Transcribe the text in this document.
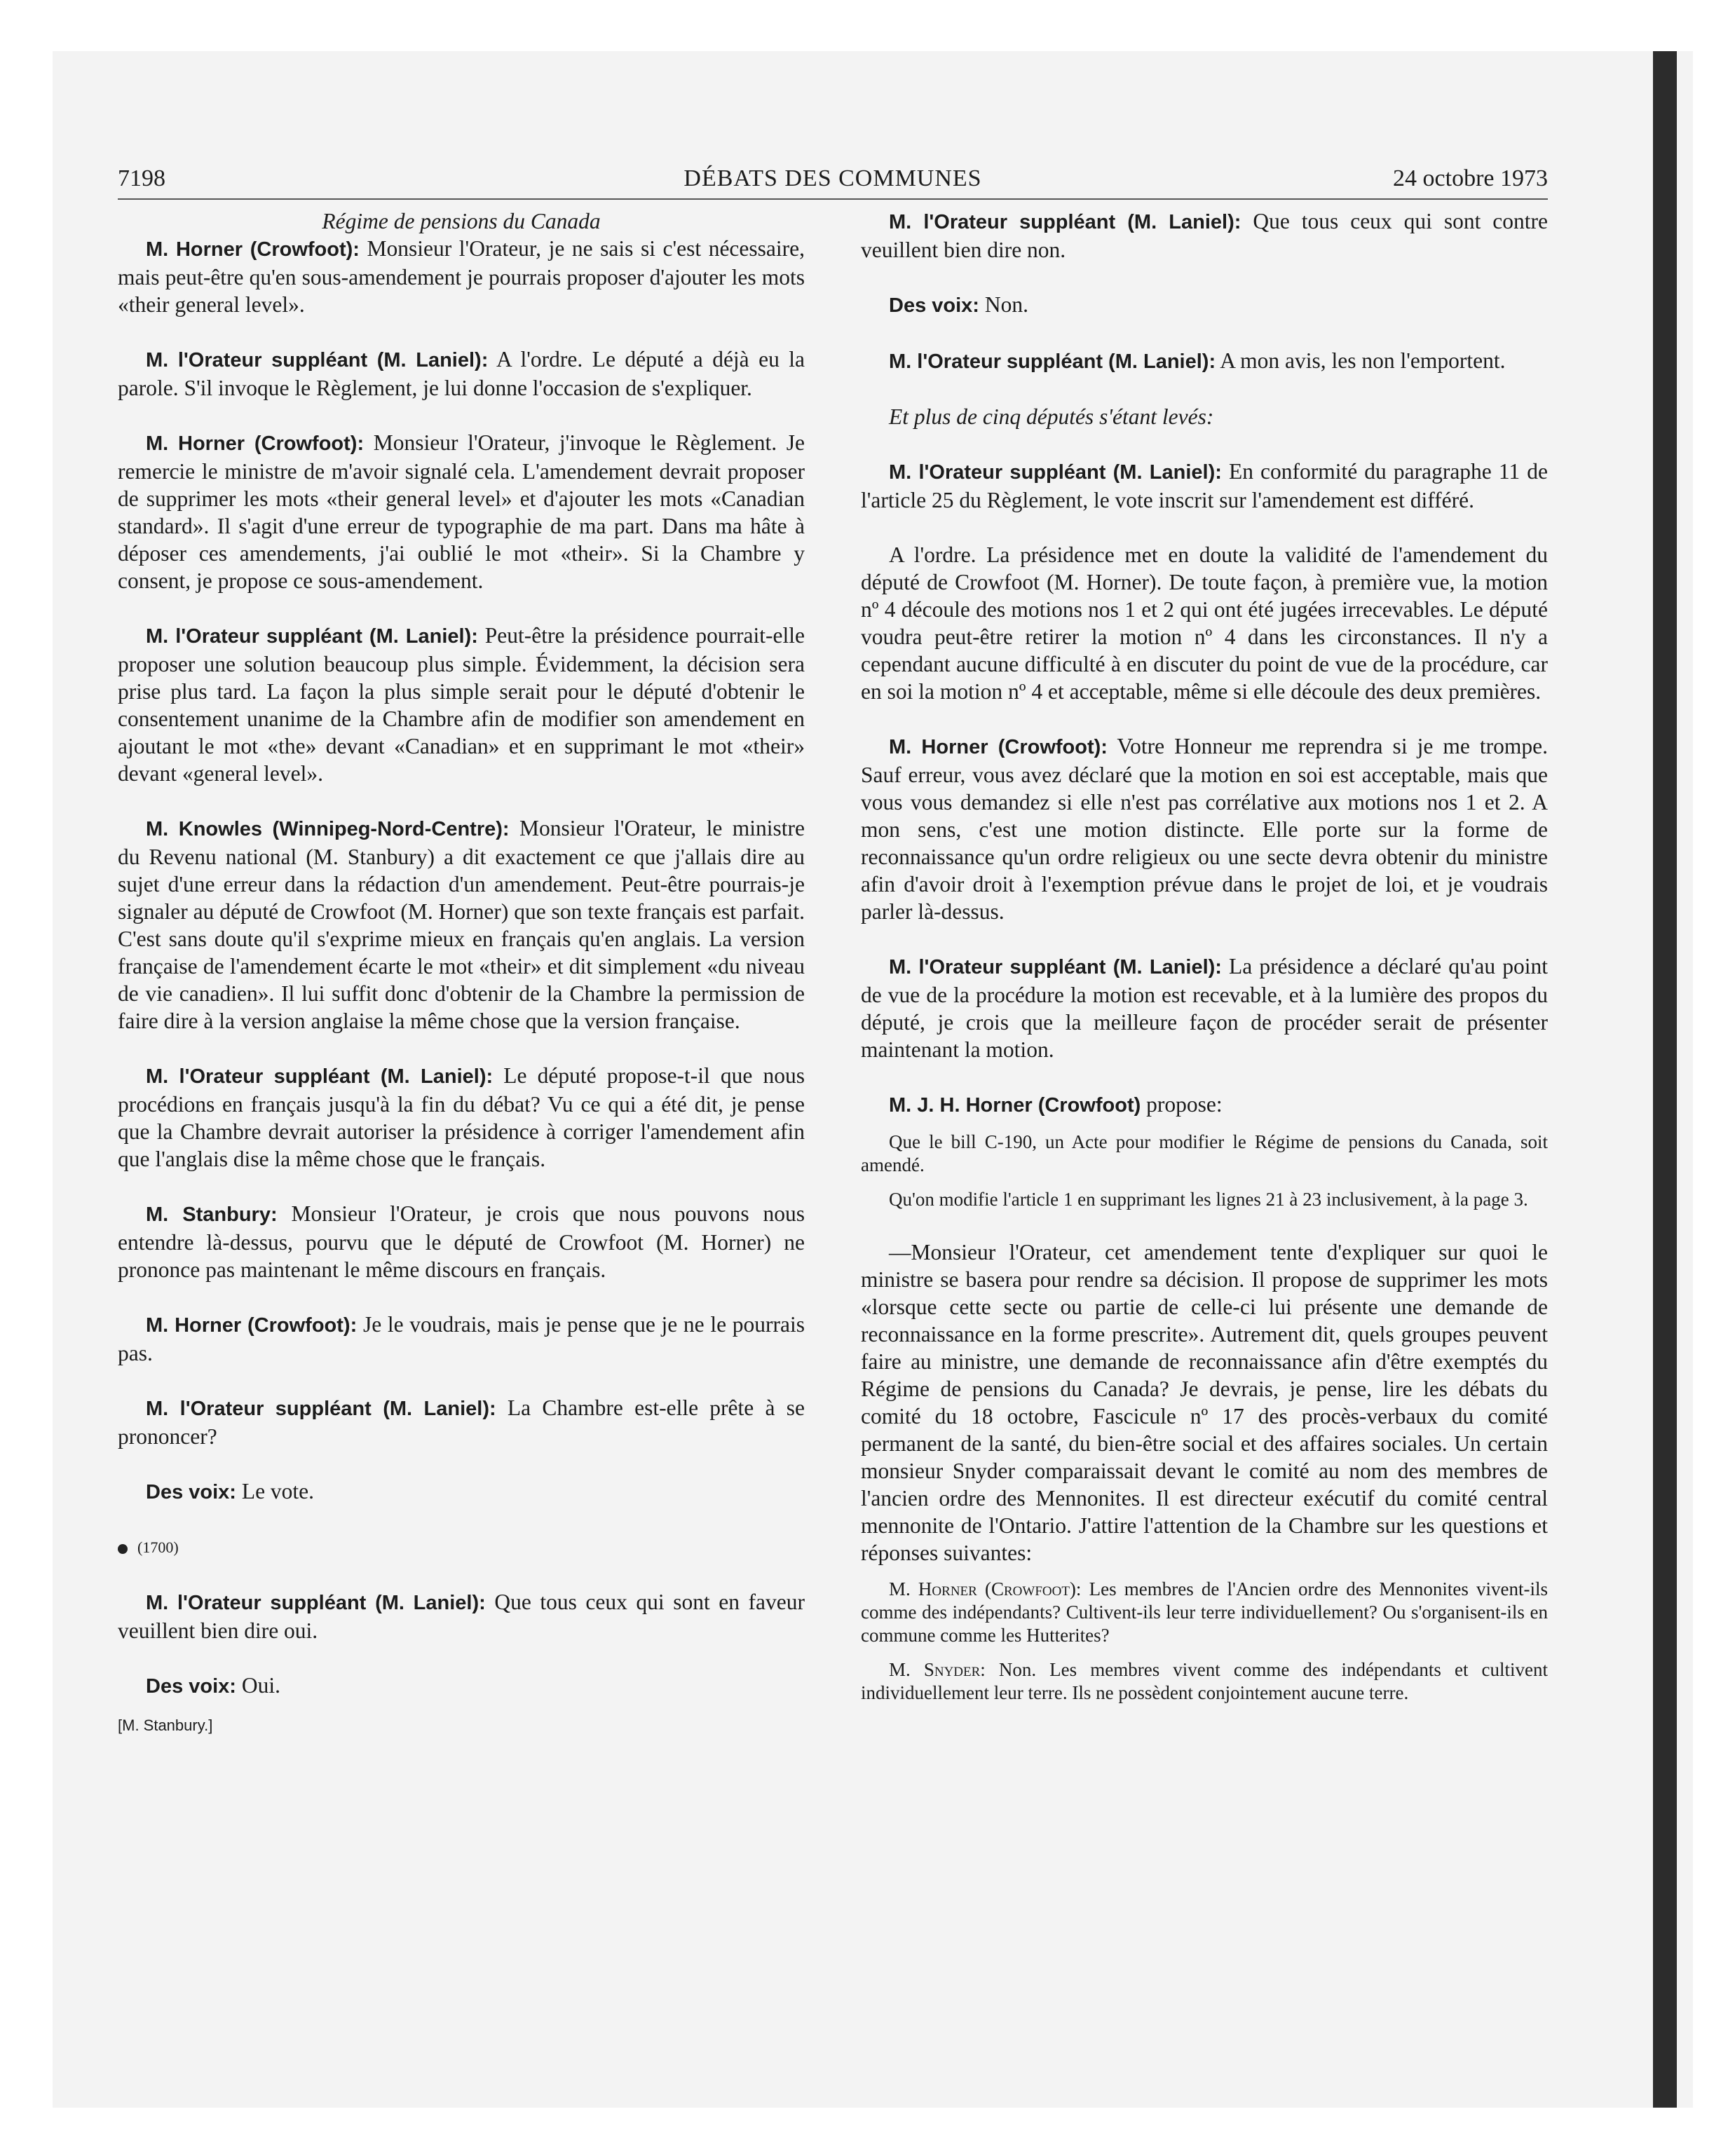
7198	DÉBATS DES COMMUNES	24 octobre 1973

Régime de pensions du Canada

M. Horner (Crowfoot): Monsieur l'Orateur, je ne sais si c'est nécessaire, mais peut-être qu'en sous-amendement je pourrais proposer d'ajouter les mots «their general level».

M. l'Orateur suppléant (M. Laniel): A l'ordre. Le député a déjà eu la parole. S'il invoque le Règlement, je lui donne l'occasion de s'expliquer.

M. Horner (Crowfoot): Monsieur l'Orateur, j'invoque le Règlement. Je remercie le ministre de m'avoir signalé cela. L'amendement devrait proposer de supprimer les mots «their general level» et d'ajouter les mots «Canadian standard». Il s'agit d'une erreur de typographie de ma part. Dans ma hâte à déposer ces amendements, j'ai oublié le mot «their». Si la Chambre y consent, je propose ce sous-amendement.

M. l'Orateur suppléant (M. Laniel): Peut-être la présidence pourrait-elle proposer une solution beaucoup plus simple. Évidemment, la décision sera prise plus tard. La façon la plus simple serait pour le député d'obtenir le consentement unanime de la Chambre afin de modifier son amendement en ajoutant le mot «the» devant «Canadian» et en supprimant le mot «their» devant «general level».

M. Knowles (Winnipeg-Nord-Centre): Monsieur l'Orateur, le ministre du Revenu national (M. Stanbury) a dit exactement ce que j'allais dire au sujet d'une erreur dans la rédaction d'un amendement. Peut-être pourrais-je signaler au député de Crowfoot (M. Horner) que son texte français est parfait. C'est sans doute qu'il s'exprime mieux en français qu'en anglais. La version française de l'amendement écarte le mot «their» et dit simplement «du niveau de vie canadien». Il lui suffit donc d'obtenir de la Chambre la permission de faire dire à la version anglaise la même chose que la version française.

M. l'Orateur suppléant (M. Laniel): Le député propose-t-il que nous procédions en français jusqu'à la fin du débat? Vu ce qui a été dit, je pense que la Chambre devrait autoriser la présidence à corriger l'amendement afin que l'anglais dise la même chose que le français.

M. Stanbury: Monsieur l'Orateur, je crois que nous pouvons nous entendre là-dessus, pourvu que le député de Crowfoot (M. Horner) ne prononce pas maintenant le même discours en français.

M. Horner (Crowfoot): Je le voudrais, mais je pense que je ne le pourrais pas.

M. l'Orateur suppléant (M. Laniel): La Chambre est-elle prête à se prononcer?

Des voix: Le vote.

(1700)

M. l'Orateur suppléant (M. Laniel): Que tous ceux qui sont en faveur veuillent bien dire oui.

Des voix: Oui.

[M. Stanbury.]

M. l'Orateur suppléant (M. Laniel): Que tous ceux qui sont contre veuillent bien dire non.

Des voix: Non.

M. l'Orateur suppléant (M. Laniel): A mon avis, les non l'emportent.

Et plus de cinq députés s'étant levés:

M. l'Orateur suppléant (M. Laniel): En conformité du paragraphe 11 de l'article 25 du Règlement, le vote inscrit sur l'amendement est différé.

A l'ordre. La présidence met en doute la validité de l'amendement du député de Crowfoot (M. Horner). De toute façon, à première vue, la motion nº 4 découle des motions nos 1 et 2 qui ont été jugées irrecevables. Le député voudra peut-être retirer la motion nº 4 dans les circonstances. Il n'y a cependant aucune difficulté à en discuter du point de vue de la procédure, car en soi la motion nº 4 et acceptable, même si elle découle des deux premières.

M. Horner (Crowfoot): Votre Honneur me reprendra si je me trompe. Sauf erreur, vous avez déclaré que la motion en soi est acceptable, mais que vous vous demandez si elle n'est pas corrélative aux motions nos 1 et 2. A mon sens, c'est une motion distincte. Elle porte sur la forme de reconnaissance qu'un ordre religieux ou une secte devra obtenir du ministre afin d'avoir droit à l'exemption prévue dans le projet de loi, et je voudrais parler là-dessus.

M. l'Orateur suppléant (M. Laniel): La présidence a déclaré qu'au point de vue de la procédure la motion est recevable, et à la lumière des propos du député, je crois que la meilleure façon de procéder serait de présenter maintenant la motion.

M. J. H. Horner (Crowfoot) propose:

Que le bill C-190, un Acte pour modifier le Régime de pensions du Canada, soit amendé.

Qu'on modifie l'article 1 en supprimant les lignes 21 à 23 inclusivement, à la page 3.

—Monsieur l'Orateur, cet amendement tente d'expliquer sur quoi le ministre se basera pour rendre sa décision. Il propose de supprimer les mots «lorsque cette secte ou partie de celle-ci lui présente une demande de reconnaissance en la forme prescrite». Autrement dit, quels groupes peuvent faire au ministre, une demande de reconnaissance afin d'être exemptés du Régime de pensions du Canada? Je devrais, je pense, lire les débats du comité du 18 octobre, Fascicule nº 17 des procès-verbaux du comité permanent de la santé, du bien-être social et des affaires sociales. Un certain monsieur Snyder comparaissait devant le comité au nom des membres de l'ancien ordre des Mennonites. Il est directeur exécutif du comité central mennonite de l'Ontario. J'attire l'attention de la Chambre sur les questions et réponses suivantes:

M. Horner (Crowfoot): Les membres de l'Ancien ordre des Mennonites vivent-ils comme des indépendants? Cultivent-ils leur terre individuellement? Ou s'organisent-ils en commune comme les Hutterites?

M. Snyder: Non. Les membres vivent comme des indépendants et cultivent individuellement leur terre. Ils ne possèdent conjointement aucune terre.
